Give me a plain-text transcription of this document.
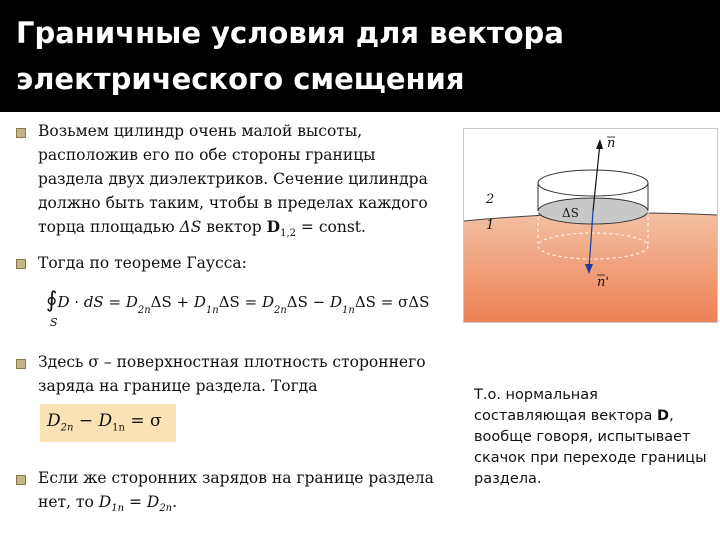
Граничные условия для вектора электрического смещения
Возьмем цилиндр очень малой высоты, расположив его по обе стороны границы раздела двух диэлектриков. Сечение цилиндра должно быть таким, чтобы в пределах каждого торца площадью ΔS вектор $D_{1,2}$ = const.
Тогда по теореме Гаусса:
∮D · dS = $D_{2n}\Delta S + D_{1n}\Delta S = D_{2n}\Delta S - D_{1n}\Delta S = \sigma\Delta S$
S
Здесь σ – поверхностная плотность стороннего заряда на границе раздела. Тогда
$D_{2n} - D_{1n} = \sigma$
Если же сторонних зарядов на границе раздела нет, то $D_{1n} = D_{2n}$.
n
n'
2
1
ΔS
Т.о. нормальная составляющая вектора D, вообще говоря, испытывает скачок при переходе границы раздела.
